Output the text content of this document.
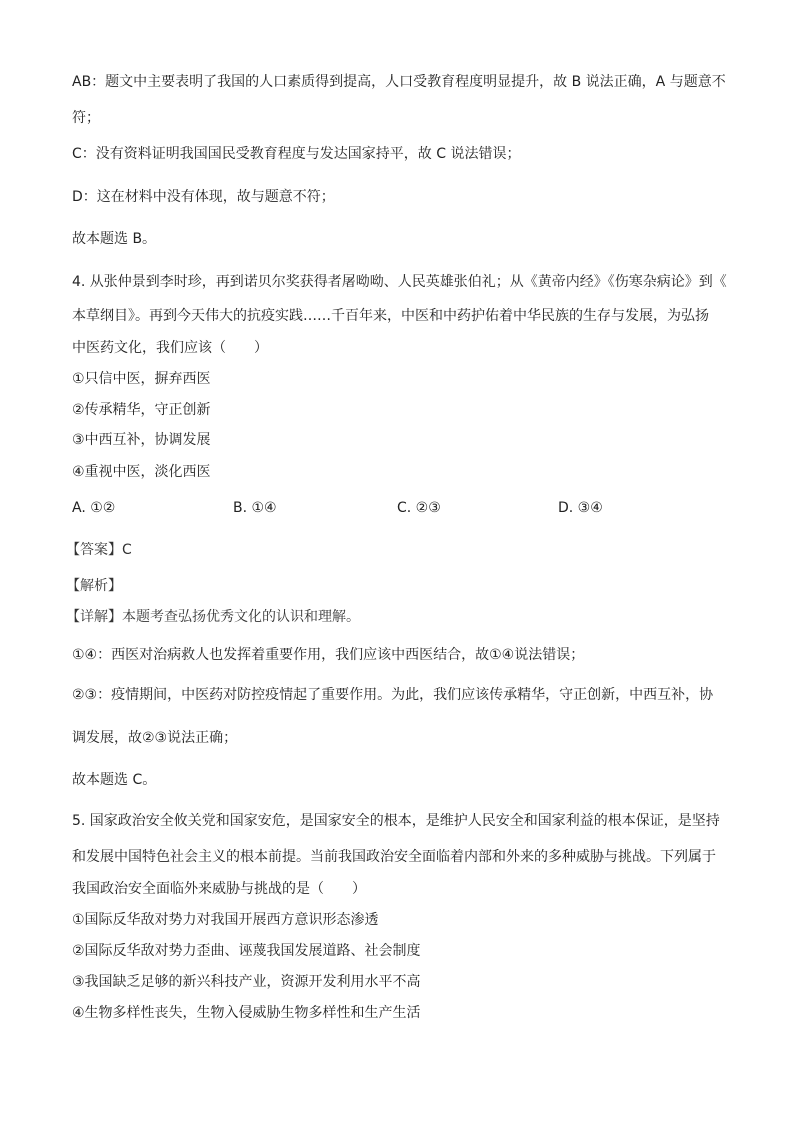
AB：题文中主要表明了我国的人口素质得到提高，人口受教育程度明显提升，故 B 说法正确，A 与题意不
符；
C：没有资料证明我国国民受教育程度与发达国家持平，故 C 说法错误；
D：这在材料中没有体现，故与题意不符；
故本题选 B。
4. 从张仲景到李时珍，再到诺贝尔奖获得者屠呦呦、人民英雄张伯礼；从《黄帝内经》《伤寒杂病论》到《
本草纲目》。再到今天伟大的抗疫实践……千百年来，中医和中药护佑着中华民族的生存与发展，为弘扬
中医药文化，我们应该（　　）
①只信中医，摒弃西医
②传承精华，守正创新
③中西互补，协调发展
④重视中医，淡化西医
A. ①②	B. ①④	C. ②③	D. ③④
【答案】C
【解析】
【详解】本题考查弘扬优秀文化的认识和理解。
①④：西医对治病救人也发挥着重要作用，我们应该中西医结合，故①④说法错误；
②③：疫情期间，中医药对防控疫情起了重要作用。为此，我们应该传承精华，守正创新，中西互补，协
调发展，故②③说法正确；
故本题选 C。
5. 国家政治安全攸关党和国家安危，是国家安全的根本，是维护人民安全和国家利益的根本保证，是坚持
和发展中国特色社会主义的根本前提。当前我国政治安全面临着内部和外来的多种威胁与挑战。下列属于
我国政治安全面临外来威胁与挑战的是（　　）
①国际反华敌对势力对我国开展西方意识形态渗透
②国际反华敌对势力歪曲、诬蔑我国发展道路、社会制度
③我国缺乏足够的新兴科技产业，资源开发利用水平不高
④生物多样性丧失，生物入侵威胁生物多样性和生产生活
